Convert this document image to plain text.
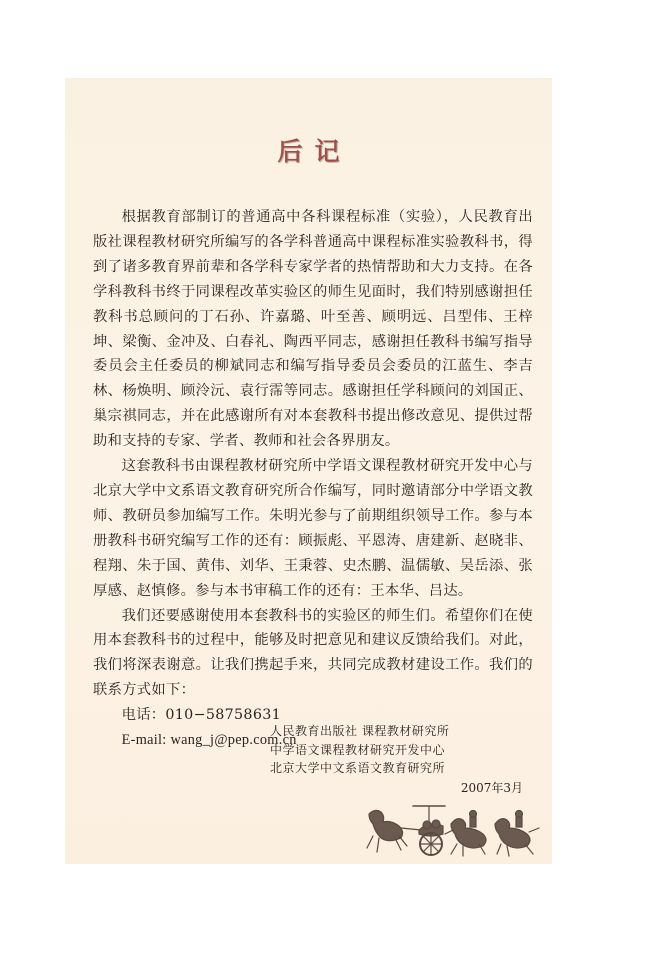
后记

根据教育部制订的普通高中各科课程标准（实验），人民教育出版社课程教材研究所编写的各学科普通高中课程标准实验教科书，得到了诸多教育界前辈和各学科专家学者的热情帮助和大力支持。在各学科教科书终于同课程改革实验区的师生见面时，我们特别感谢担任教科书总顾问的丁石孙、许嘉璐、叶至善、顾明远、吕型伟、王梓坤、梁衡、金冲及、白春礼、陶西平同志，感谢担任教科书编写指导委员会主任委员的柳斌同志和编写指导委员会委员的江蓝生、李吉林、杨焕明、顾泠沅、袁行霈等同志。感谢担任学科顾问的刘国正、巢宗祺同志，并在此感谢所有对本套教科书提出修改意见、提供过帮助和支持的专家、学者、教师和社会各界朋友。

这套教科书由课程教材研究所中学语文课程教材研究开发中心与北京大学中文系语文教育研究所合作编写，同时邀请部分中学语文教师、教研员参加编写工作。朱明光参与了前期组织领导工作。参与本册教科书研究编写工作的还有：顾振彪、平恩涛、唐建新、赵晓非、程翔、朱于国、黄伟、刘华、王秉蓉、史杰鹏、温儒敏、吴岳添、张厚感、赵慎修。参与本书审稿工作的还有：王本华、吕达。

我们还要感谢使用本套教科书的实验区的师生们。希望你们在使用本套教科书的过程中，能够及时把意见和建议反馈给我们。对此，我们将深表谢意。让我们携起手来，共同完成教材建设工作。我们的联系方式如下：

电话：010−58758631

E-mail: wang_j@pep.com.cn

人民教育出版社 课程教材研究所
中学语文课程教材研究开发中心
北京大学中文系语文教育研究所
2007年3月
